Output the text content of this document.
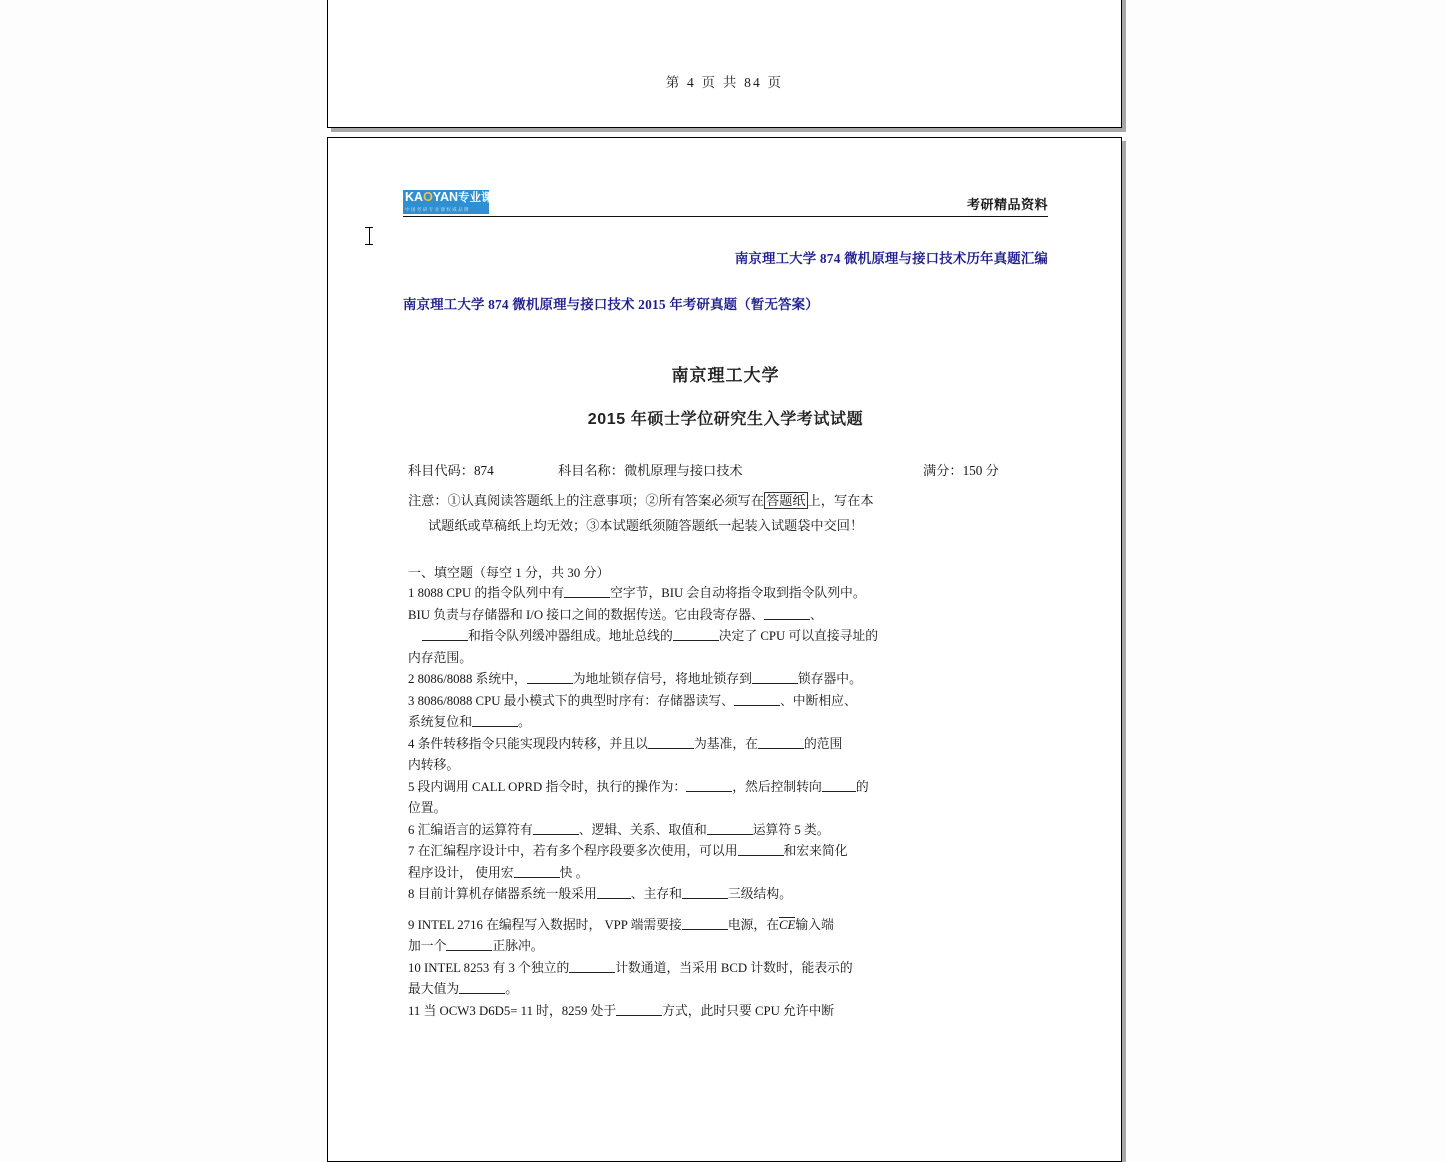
第 4 页 共 84 页
KAOYAN专业课
中国考研专业课权威品牌	考研精品资料
南京理工大学 874 微机原理与接口技术历年真题汇编
南京理工大学 874 微机原理与接口技术 2015 年考研真题（暂无答案）
南京理工大学
2015 年硕士学位研究生入学考试试题
科目代码：874	科目名称：微机原理与接口技术	满分：150 分
注意：①认真阅读答题纸上的注意事项；②所有答案必须写在 答题纸 上，写在本
试题纸或草稿纸上均无效；③本试题纸须随答题纸一起装入试题袋中交回！
一、填空题（每空 1 分，共 30 分）
1 8088 CPU 的指令队列中有	空字节，BIU 会自动将指令取到指令队列中。
BIU 负责与存储器和 I/O 接口之间的数据传送。它由段寄存器、	、
和指令队列缓冲器组成。地址总线的	决定了 CPU 可以直接寻址的
内存范围。
2 8086/8088 系统中，	为地址锁存信号，将地址锁存到	锁存器中。
3 8086/8088 CPU 最小模式下的典型时序有：存储器读写、	、中断相应、
系统复位和	。
4 条件转移指令只能实现段内转移，并且以	为基准，在	的范围
内转移。
5 段内调用 CALL OPRD 指令时，执行的操作为：	，然后控制转向	的
位置。
6 汇编语言的运算符有	、逻辑、关系、取值和	运算符 5 类。
7 在汇编程序设计中，若有多个程序段要多次使用，可以用	和宏来简化
程序设计， 使用宏	快 。
8 目前计算机存储器系统一般采用	、主存和	三级结构。
9 INTEL 2716 在编程写入数据时， VPP 端需要接	电源，在CE输入端
加一个	正脉冲。
10 INTEL 8253 有 3 个独立的	计数通道，当采用 BCD 计数时，能表示的
最大值为	。
11 当 OCW3 D6D5= 11 时，8259 处于	方式，此时只要 CPU 允许中断
